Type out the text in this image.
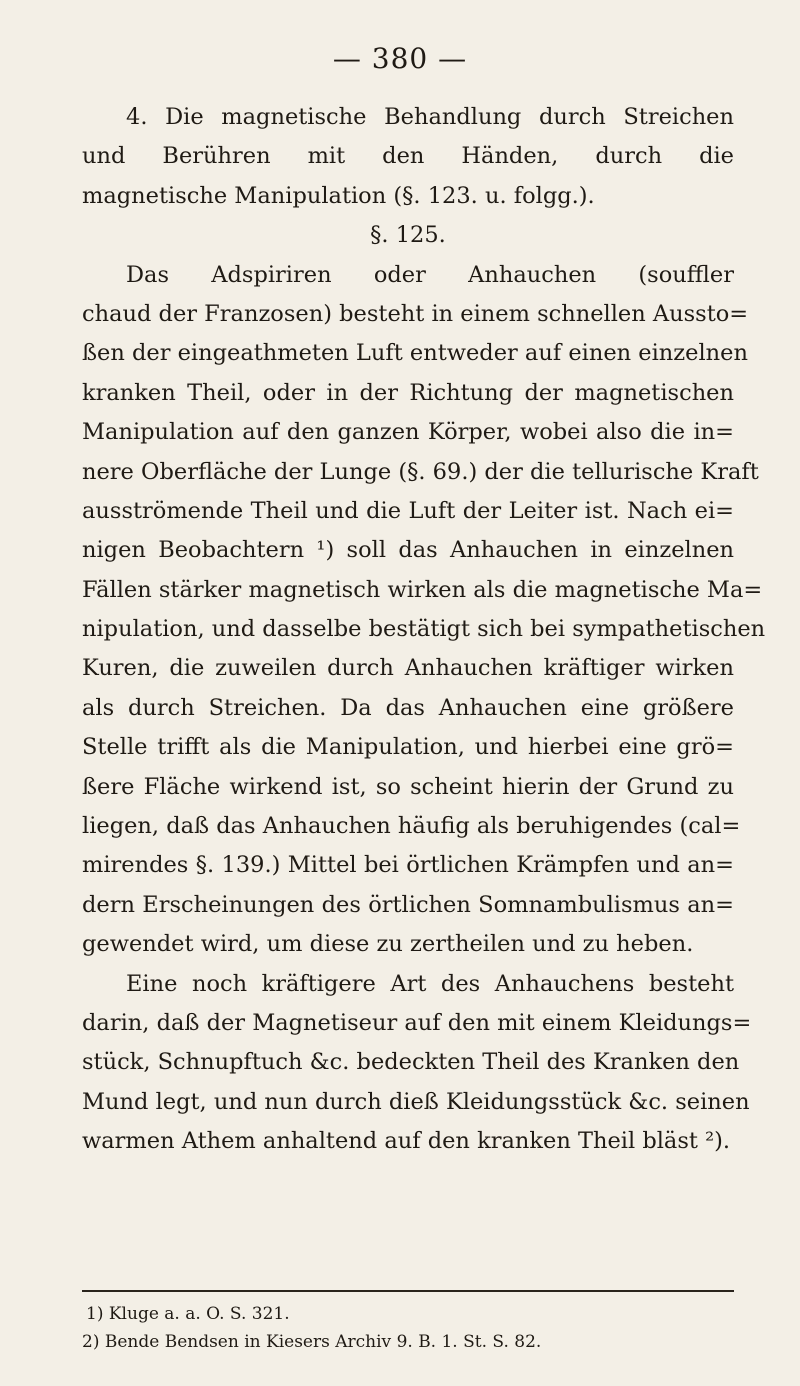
— 380 —
4. Die magnetische Behandlung durch Streichen
und Berühren mit den Händen, durch die
magnetische Manipulation (§. 123. u. folgg.).
§. 125.
Das Adspiriren oder Anhauchen (souffler
chaud der Franzosen) besteht in einem schnellen Aussto=
ßen der eingeathmeten Luft entweder auf einen einzelnen
kranken Theil, oder in der Richtung der magnetischen
Manipulation auf den ganzen Körper, wobei also die in=
nere Oberfläche der Lunge (§. 69.) der die tellurische Kraft
ausströmende Theil und die Luft der Leiter ist. Nach ei=
nigen Beobachtern ¹) soll das Anhauchen in einzelnen
Fällen stärker magnetisch wirken als die magnetische Ma=
nipulation, und dasselbe bestätigt sich bei sympathetischen
Kuren, die zuweilen durch Anhauchen kräftiger wirken
als durch Streichen. Da das Anhauchen eine größere
Stelle trifft als die Manipulation, und hierbei eine grö=
ßere Fläche wirkend ist, so scheint hierin der Grund zu
liegen, daß das Anhauchen häufig als beruhigendes (cal=
mirendes §. 139.) Mittel bei örtlichen Krämpfen und an=
dern Erscheinungen des örtlichen Somnambulismus an=
gewendet wird, um diese zu zertheilen und zu heben.
Eine noch kräftigere Art des Anhauchens besteht
darin, daß der Magnetiseur auf den mit einem Kleidungs=
stück, Schnupftuch &c. bedeckten Theil des Kranken den
Mund legt, und nun durch dieß Kleidungsstück &c. seinen
warmen Athem anhaltend auf den kranken Theil bläst ²).
1) Kluge a. a. O. S. 321.
2) Bende Bendsen in Kiesers Archiv 9. B. 1. St. S. 82.
